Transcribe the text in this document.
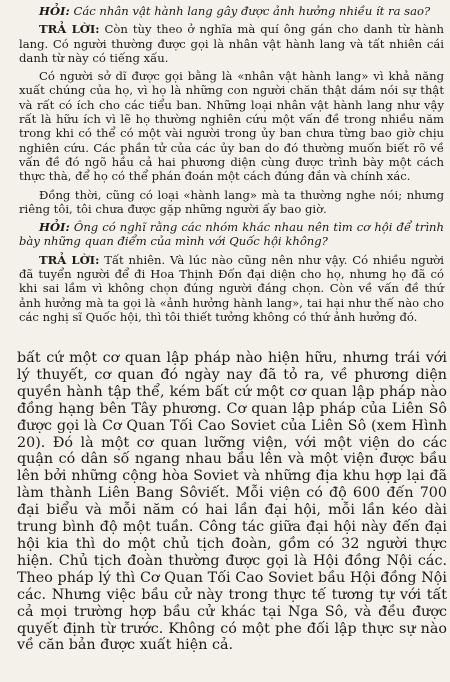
HỎI: Các nhân vật hành lang gây được ảnh hưởng nhiều ít ra sao?

TRẢ LỜI: Còn tùy theo ở nghĩa mà quí ông gán cho danh từ hành lang. Có người thường được gọi là nhân vật hành lang và tất nhiên cái danh từ này có tiếng xấu.

Có người sở dĩ được gọi bằng là «nhân vật hành lang» vì khả năng xuất chúng của họ, vì họ là những con người chăn thật dám nói sự thật và rất có ích cho các tiểu ban. Những loại nhân vật hành lang như vậy rất là hữu ích vì lẽ họ thường nghiên cứu một vấn đề trong nhiều năm trong khi có thể có một vài người trong ủy ban chưa từng bao giờ chịu nghiên cứu. Các phần tử của các ủy ban do đó thường muốn biết rõ về vấn đề đó ngõ hầu cả hai phương diện cùng được trình bày một cách thực thà, để họ có thể phán đoán một cách đúng đắn và chính xác.

Đồng thời, cũng có loại «hành lang» mà ta thường nghe nói; nhưng riêng tôi, tôi chưa được gặp những người ấy bao giờ.

HỎI: Ông có nghĩ rằng các nhóm khác nhau nên tìm cơ hội để trình bày những quan điểm của mình với Quốc hội không?

TRẢ LỜI: Tất nhiên. Và lúc nào cũng nên như vậy. Có nhiều người đã tuyển người để đi Hoa Thịnh Đốn đại diện cho họ, nhưng họ đã có khi sai lầm vì không chọn đúng người đáng chọn. Còn về vấn đề thứ ảnh hưởng mà ta gọi là «ảnh hưởng hành lang», tai hại như thế nào cho các nghị sĩ Quốc hội, thì tôi thiết tưởng không có thứ ảnh hưởng đó.

bất cứ một cơ quan lập pháp nào hiện hữu, nhưng trái với lý thuyết, cơ quan đó ngày nay đã tỏ ra, về phương diện quyền hành tập thể, kém bất cứ một cơ quan lập pháp nào đồng hạng bên Tây phương. Cơ quan lập pháp của Liên Sô được gọi là Cơ Quan Tối Cao Soviet của Liên Sô (xem Hình 20). Đó là một cơ quan lưỡng viện, với một viện do các quận có dân số ngang nhau bầu lên và một viện được bầu lên bởi những cộng hòa Soviet và những địa khu hợp lại đã làm thành Liên Bang Sôviết. Mỗi viện có độ 600 đến 700 đại biểu và mỗi năm có hai lần đại hội, mỗi lần kéo dài trung bình độ một tuần. Công tác giữa đại hội này đến đại hội kia thì do một chủ tịch đoàn, gồm có 32 người thực hiện. Chủ tịch đoàn thường được gọi là Hội đồng Nội các. Theo pháp lý thì Cơ Quan Tối Cao Soviet bầu Hội đồng Nội các. Nhưng việc bầu cử này trong thực tế tương tự với tất cả mọi trường hợp bầu cử khác tại Nga Sô, và đều được quyết định từ trước. Không có một phe đối lập thực sự nào về căn bản được xuất hiện cả.
